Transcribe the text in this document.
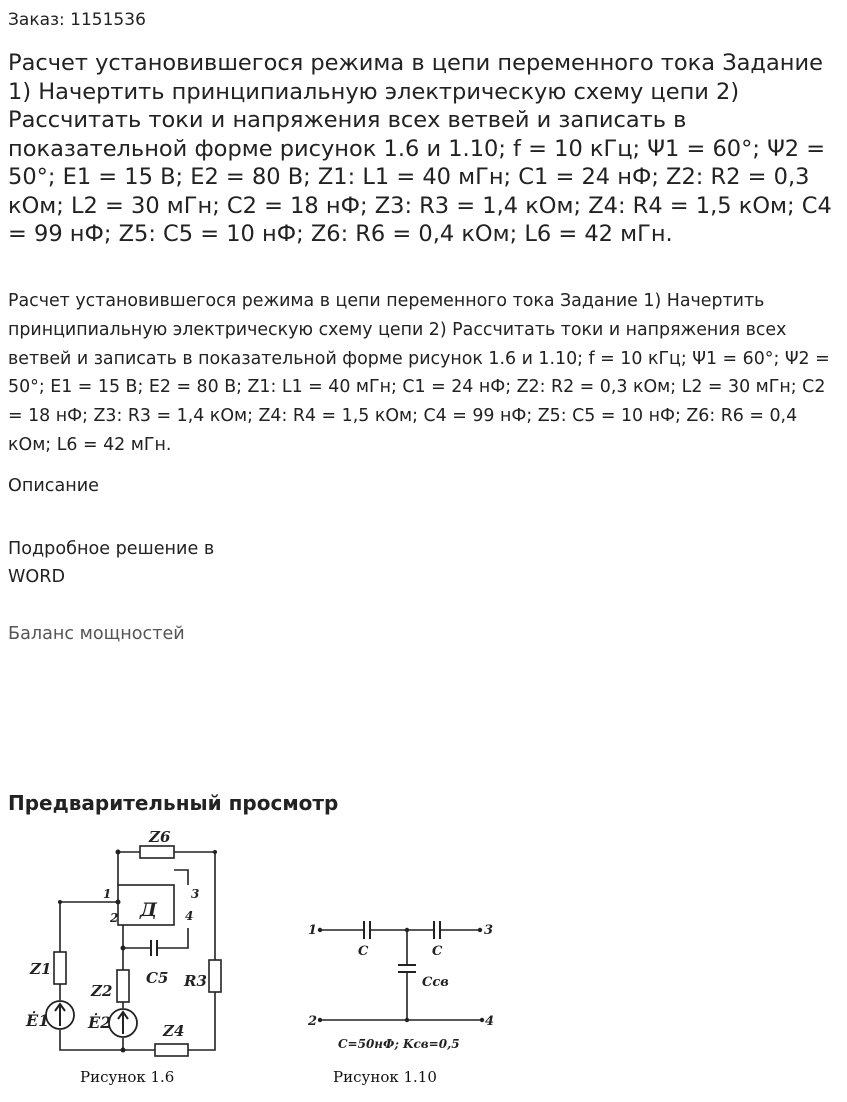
Заказ: 1151536
Расчет установившегося режима в цепи переменного тока Задание 1) Начертить принципиальную электрическую схему цепи 2) Рассчитать токи и напряжения всех ветвей и записать в показательной форме рисунок 1.6 и 1.10; f = 10 кГц; Ψ1 = 60°; Ψ2 = 50°; E1 = 15 В; E2 = 80 В; Z1: L1 = 40 мГн; C1 = 24 нФ; Z2: R2 = 0,3 кОм; L2 = 30 мГн; C2 = 18 нФ; Z3: R3 = 1,4 кОм; Z4: R4 = 1,5 кОм; C4 = 99 нФ; Z5: C5 = 10 нФ; Z6: R6 = 0,4 кОм; L6 = 42 мГн.

Расчет установившегося режима в цепи переменного тока Задание 1) Начертить принципиальную электрическую схему цепи 2) Рассчитать токи и напряжения всех ветвей и записать в показательной форме рисунок 1.6 и 1.10; f = 10 кГц; Ψ1 = 60°; Ψ2 = 50°; E1 = 15 В; E2 = 80 В; Z1: L1 = 40 мГн; C1 = 24 нФ; Z2: R2 = 0,3 кОм; L2 = 30 мГн; C2 = 18 нФ; Z3: R3 = 1,4 кОм; Z4: R4 = 1,5 кОм; C4 = 99 нФ; Z5: C5 = 10 нФ; Z6: R6 = 0,4 кОм; L6 = 42 мГн.

Описание
Подробное решение в WORD
Баланс мощностей
Предварительный просмотр
Z6
Z1
Z2
Z4
R3
C5
Д
Ė1 Ė2
1
2
3
4
Рисунок 1.6
1
2
3
4
C	C
Cсв
C=50нФ; Kсв=0,5
Рисунок 1.10
